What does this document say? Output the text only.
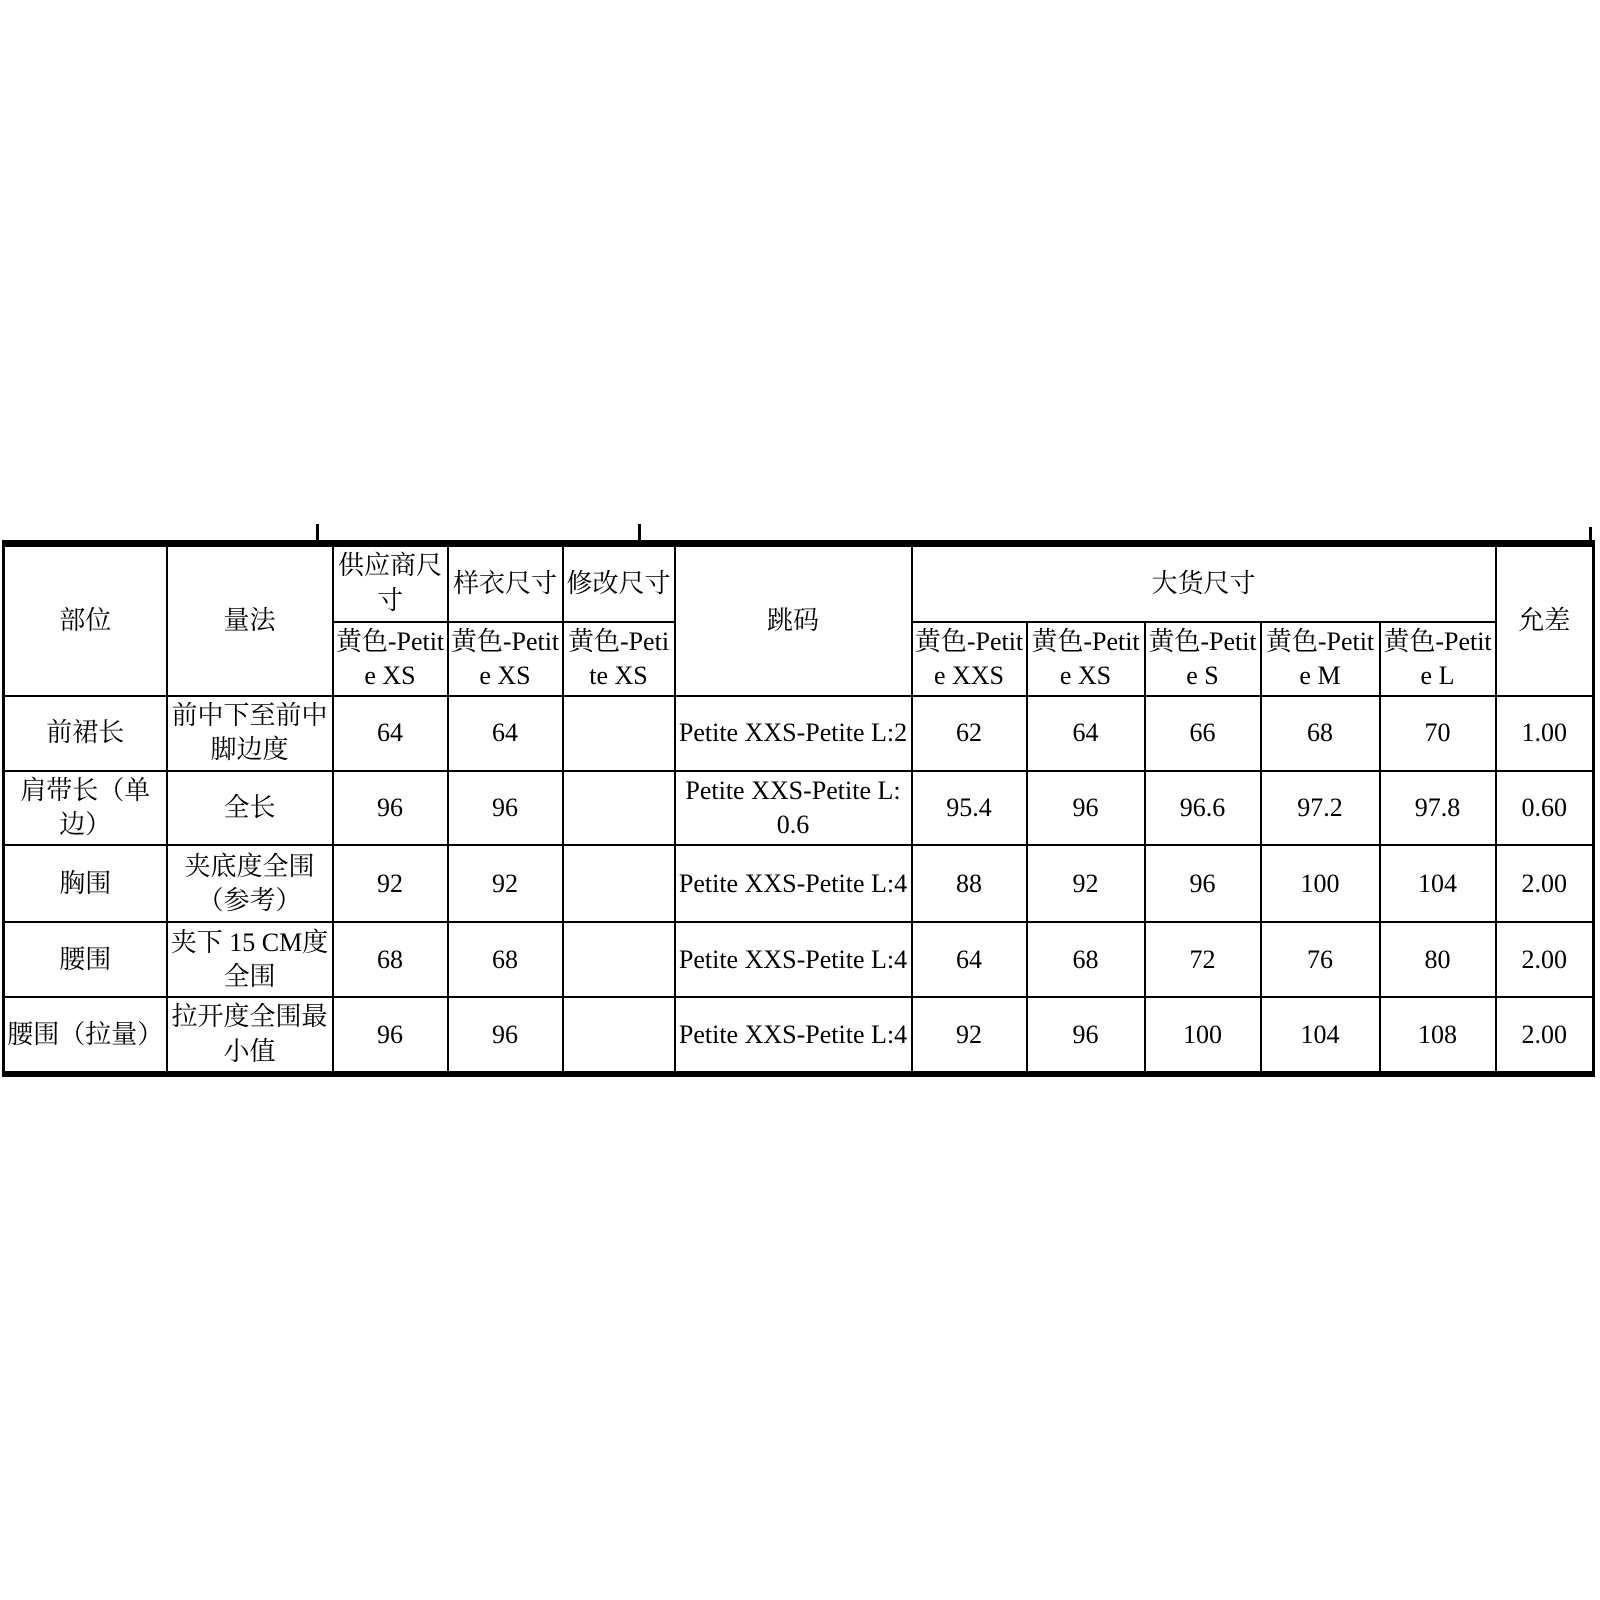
部位	量法	供应商尺寸	样衣尺寸	修改尺寸	跳码	大货尺寸					允差
		黄色-Petite XS	黄色-Petite XS	黄色-Petite XS		黄色-Petite XXS	黄色-Petite XS	黄色-Petite S	黄色-Petite M	黄色-Petite L	
前裙长	前中下至前中脚边度	64	64		Petite XXS-Petite L:2	62	64	66	68	70	1.00
肩带长（单边）	全长	96	96		Petite XXS-Petite L:0.6	95.4	96	96.6	97.2	97.8	0.60
胸围	夹底度全围（参考）	92	92		Petite XXS-Petite L:4	88	92	96	100	104	2.00
腰围	夹下 15 CM度全围	68	68		Petite XXS-Petite L:4	64	68	72	76	80	2.00
腰围（拉量）	拉开度全围最小值	96	96		Petite XXS-Petite L:4	92	96	100	104	108	2.00
